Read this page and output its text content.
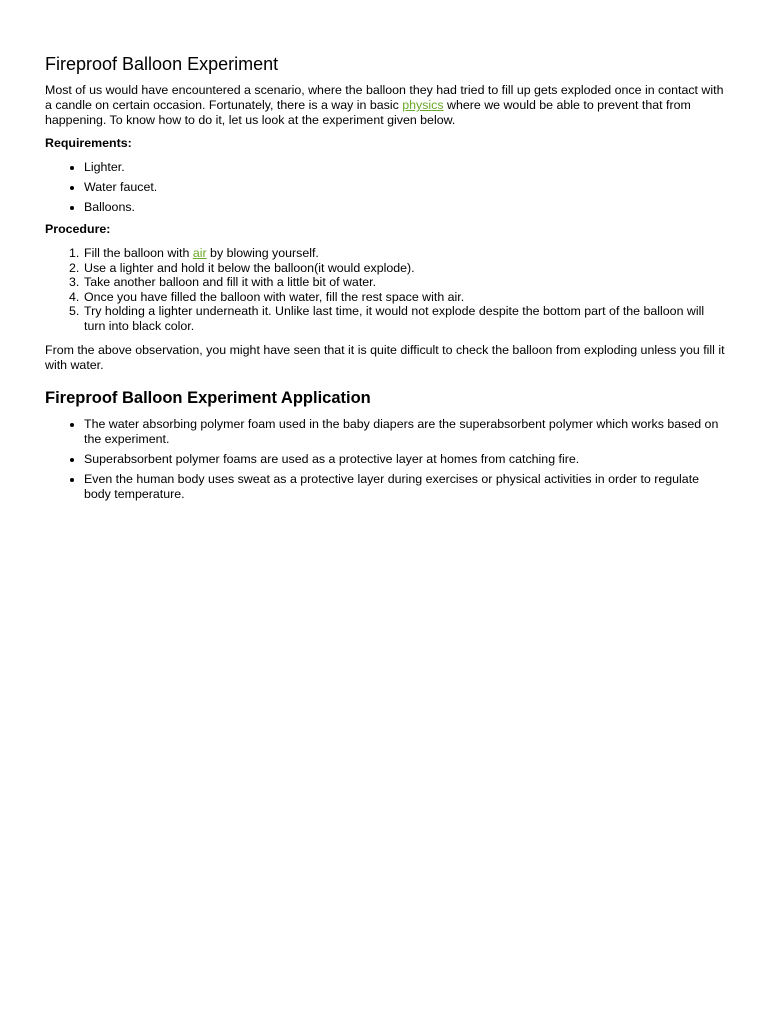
Fireproof Balloon Experiment

Most of us would have encountered a scenario, where the balloon they had tried to fill up gets exploded once in contact with a candle on certain occasion. Fortunately, there is a way in basic physics where we would be able to prevent that from happening. To know how to do it, let us look at the experiment given below.

Requirements:

Lighter.
Water faucet.
Balloons.

Procedure:

1. Fill the balloon with air by blowing yourself.
2. Use a lighter and hold it below the balloon(it would explode).
3. Take another balloon and fill it with a little bit of water.
4. Once you have filled the balloon with water, fill the rest space with air.
5. Try holding a lighter underneath it. Unlike last time, it would not explode despite the bottom part of the balloon will turn into black color.

From the above observation, you might have seen that it is quite difficult to check the balloon from exploding unless you fill it with water.

Fireproof Balloon Experiment Application
The water absorbing polymer foam used in the baby diapers are the superabsorbent polymer which works based on the experiment.
Superabsorbent polymer foams are used as a protective layer at homes from catching fire.
Even the human body uses sweat as a protective layer during exercises or physical activities in order to regulate body temperature.
